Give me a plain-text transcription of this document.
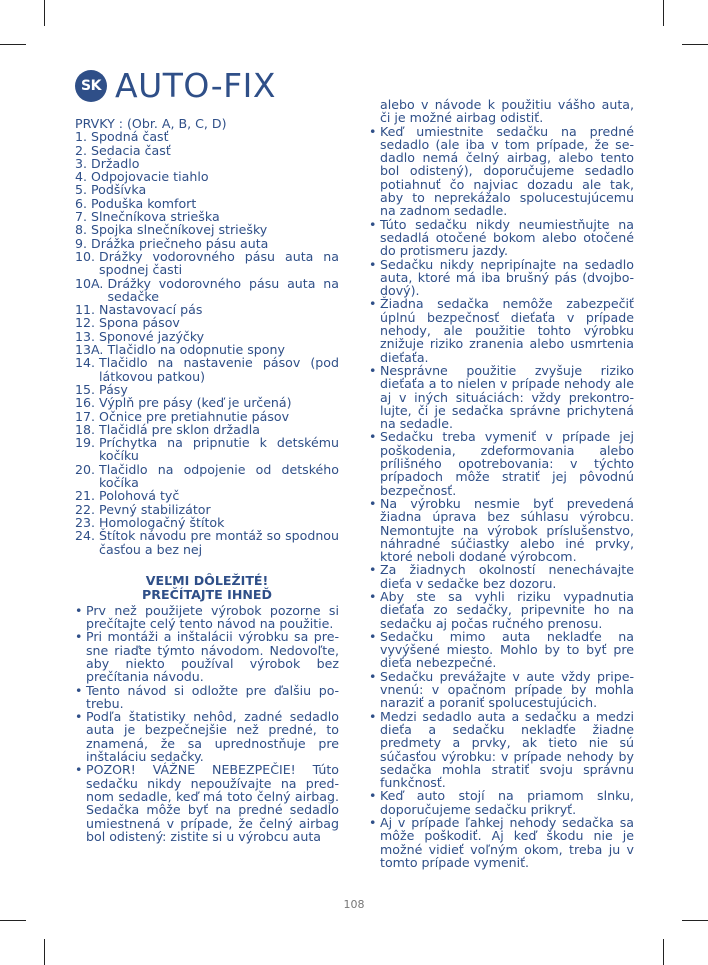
SK AUTO-FIX
PRVKY : (Obr. A, B, C, D)
1. Spodná časť
2. Sedacia časť
3. Držadlo
4. Odpojovacie tiahlo
5. Podšívka
6. Poduška komfort
7. Slnečníkova strieška
8. Spojka slnečníkovej striešky
9. Drážka priečneho pásu auta
10. Drážky vodorovného pásu auta na spodnej časti
10A. Drážky vodorovného pásu auta na sedačke
11. Nastavovací pás
12. Spona pásov
13. Sponové jazýčky
13A. Tlačidlo na odopnutie spony
14. Tlačidlo na nastavenie pásov (pod látkovou patkou)
15. Pásy
16. Výplň pre pásy (keď je určená)
17. Očnice pre pretiahnutie pásov
18. Tlačidlá pre sklon držadla
19. Príchytka na pripnutie k detskému kočíku
20. Tlačidlo na odpojenie od detského kočíka
21. Polohová tyč
22. Pevný stabilizátor
23. Homologačný štítok
24. Štítok návodu pre montáž so spodnou časťou a bez nej
VEĽMI DÔLEŽITÉ!
PREČÍTAJTE IHNEĎ
• Prv než použijete výrobok pozorne si prečítajte celý tento návod na použitie.
• Pri montáži a inštalácii výrobku sa presne riaďte týmto návodom. Nedovoľte, aby niekto používal výrobok bez prečítania návodu.
• Tento návod si odložte pre ďalšiu potrebu.
• Podľa štatistiky nehôd, zadné sedadlo auta je bezpečnejšie než predné, to znamená, že sa uprednostňuje pre inštaláciu sedačky.
• POZOR! VÁŽNE NEBEZPEČIE! Túto sedačku nikdy nepoužívajte na prednom sedadle, keď má toto čelný airbag. Sedačka môže byť na predné sedadlo umiestnená v prípade, že čelný airbag bol odistený: zistite si u výrobcu auta
alebo v návode k použitiu vášho auta, či je možné airbag odistiť.
• Keď umiestnite sedačku na predné sedadlo (ale iba v tom prípade, že sedadlo nemá čelný airbag, alebo tento bol odistený), doporučujeme sedadlo potiahnuť čo najviac dozadu ale tak, aby to neprekážalo spolucestujúcemu na zadnom sedadle.
• Túto sedačku nikdy neumiestňujte na sedadlá otočené bokom alebo otočené do protismeru jazdy.
• Sedačku nikdy nepripínajte na sedadlo auta, ktoré má iba brušný pás (dvojbodový).
• Žiadna sedačka nemôže zabezpečiť úplnú bezpečnosť dieťaťa v prípade nehody, ale použitie tohto výrobku znižuje riziko zranenia alebo usmrtenia dieťaťa.
• Nesprávne použitie zvyšuje riziko dieťaťa a to nielen v prípade nehody ale aj v iných situáciách: vždy prekontrolujte, či je sedačka správne prichytená na sedadle.
• Sedačku treba vymeniť v prípade jej poškodenia, zdeformovania alebo prílišného opotrebovania: v týchto prípadoch môže stratiť jej pôvodnú bezpečnosť.
• Na výrobku nesmie byť prevedená žiadna úprava bez súhlasu výrobcu. Nemontujte na výrobok príslušenstvo, náhradné súčiastky alebo iné prvky, ktoré neboli dodané výrobcom.
• Za žiadnych okolností nenechávajte dieťa v sedačke bez dozoru.
• Aby ste sa vyhli riziku vypadnutia dieťaťa zo sedačky, pripevnite ho na sedačku aj počas ručného prenosu.
• Sedačku mimo auta nekladťe na vyvýšené miesto. Mohlo by to byť pre dieťa nebezpečné.
• Sedačku prevážajte v aute vždy pripevnenú: v opačnom prípade by mohla naraziť a poraniť spolucestujúcich.
• Medzi sedadlo auta a sedačku a medzi dieťa a sedačku nekladťe žiadne predmety a prvky, ak tieto nie sú súčasťou výrobku: v prípade nehody by sedačka mohla stratiť svoju správnu funkčnosť.
• Keď auto stojí na priamom slnku, doporučujeme sedačku prikryť.
• Aj v prípade ľahkej nehody sedačka sa môže poškodiť. Aj keď škodu nie je možné vidieť voľným okom, treba ju v tomto prípade vymeniť.
108
